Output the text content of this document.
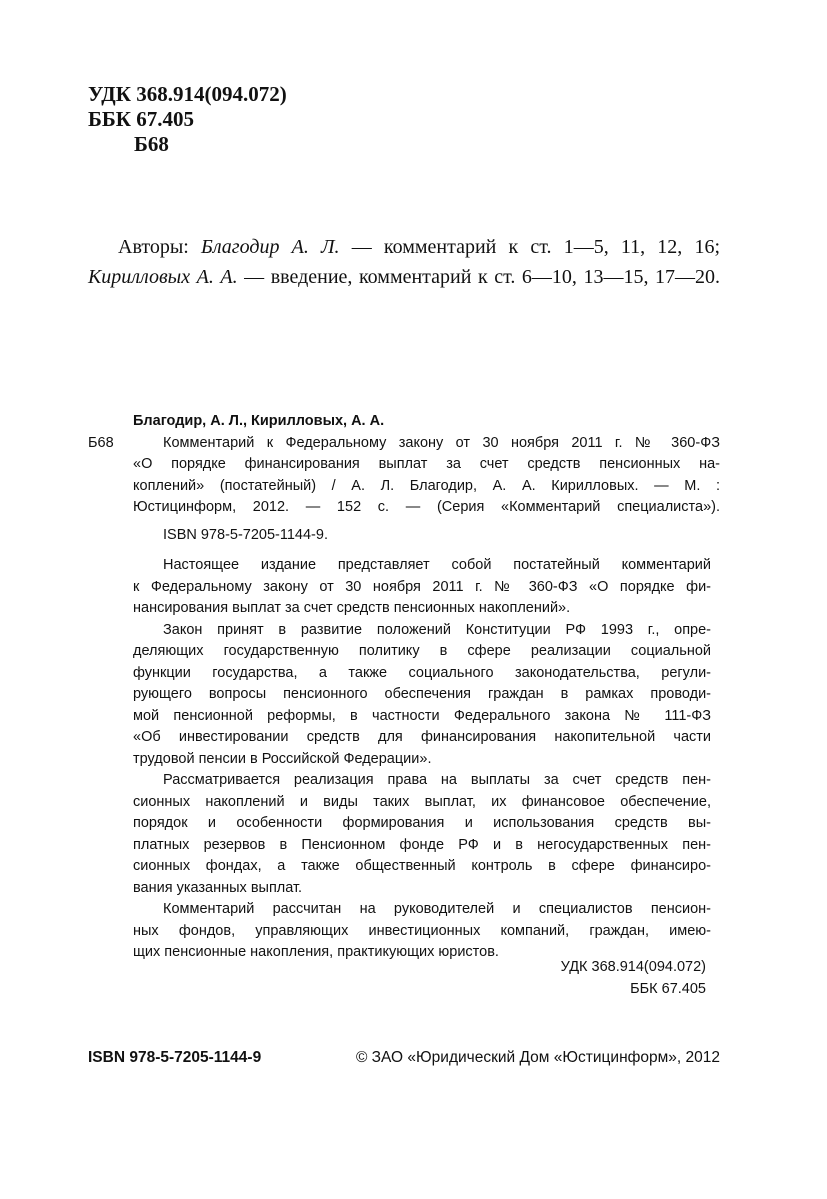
УДК 368.914(094.072)
ББК 67.405
Б68
Авторы: Благодир А. Л. — комментарий к ст. 1—5, 11, 12, 16;
Кирилловых А. А. — введение, комментарий к ст. 6—10, 13—15, 17—20.
Благодир, А. Л., Кирилловых, А. А.
Б68	Комментарий к Федеральному закону от 30 ноября 2011 г. № 360-ФЗ
«О порядке финансирования выплат за счет средств пенсионных на-
коплений» (постатейный) / А. Л. Благодир, А. А. Кирилловых. — М. :
Юстицинформ, 2012. — 152 с. — (Серия «Комментарий специалиста»).
ISBN 978-5-7205-1144-9.
Настоящее издание представляет собой постатейный комментарий
к Федеральному закону от 30 ноября 2011 г. № 360-ФЗ «О порядке фи-
нансирования выплат за счет средств пенсионных накоплений».
Закон принят в развитие положений Конституции РФ 1993 г., опре-
деляющих государственную политику в сфере реализации социальной
функции государства, а также социального законодательства, регули-
рующего вопросы пенсионного обеспечения граждан в рамках проводи-
мой пенсионной реформы, в частности Федерального закона № 111-ФЗ
«Об инвестировании средств для финансирования накопительной части
трудовой пенсии в Российской Федерации».
Рассматривается реализация права на выплаты за счет средств пен-
сионных накоплений и виды таких выплат, их финансовое обеспечение,
порядок и особенности формирования и использования средств вы-
платных резервов в Пенсионном фонде РФ и в негосударственных пен-
сионных фондах, а также общественный контроль в сфере финансиро-
вания указанных выплат.
Комментарий рассчитан на руководителей и специалистов пенсион-
ных фондов, управляющих инвестиционных компаний, граждан, имею-
щих пенсионные накопления, практикующих юристов.
УДК 368.914(094.072)
ББК 67.405
ISBN 978-5-7205-1144-9	© ЗАО «Юридический Дом «Юстицинформ», 2012
